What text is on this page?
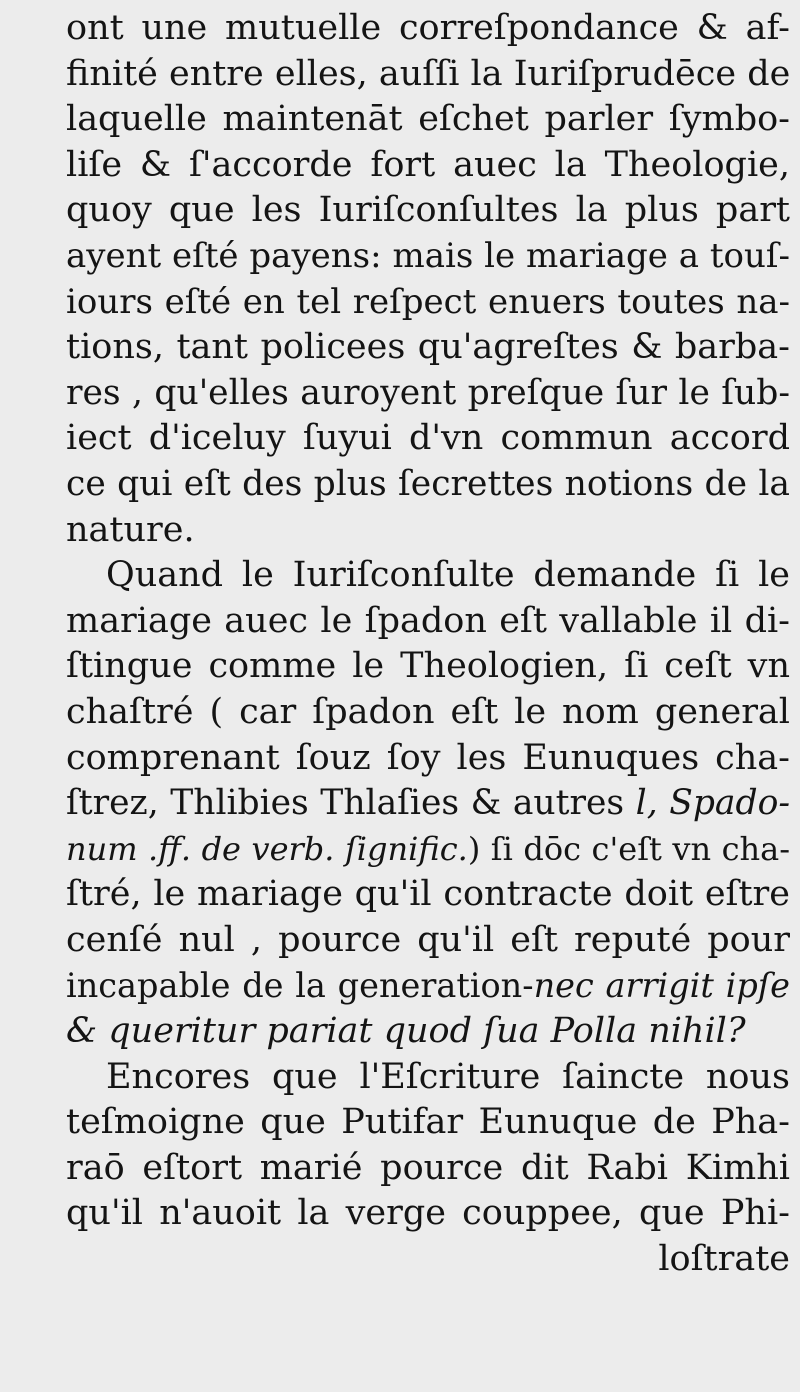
ont une mutuelle correſpondance & af-
finité entre elles, auſſi la Iuriſprudēce de
laquelle maintenāt eſchet parler ſymbo-
liſe & ſ'accorde fort auec la Theologie,
quoy que les Iuriſconſultes la plus part
ayent eſté payens: mais le mariage a touſ-
iours eſté en tel reſpect enuers toutes na-
tions, tant policees qu'agreſtes & barba-
res , qu'elles auroyent preſque ſur le ſub-
iect d'iceluy ſuyui d'vn commun accord
ce qui eſt des plus ſecrettes notions de la
nature.
Quand le Iuriſconſulte demande ſi le
mariage auec le ſpadon eſt vallable il di-
ſtingue comme le Theologien, ſi ceſt vn
chaſtré ( car ſpadon eſt le nom general
comprenant ſouz ſoy les Eunuques cha-
ſtrez, Thlibies Thlaſies & autres l, Spado-
num .ff. de verb. ſignific.) ſi dōc c'eſt vn cha-
ſtré, le mariage qu'il contracte doit eſtre
cenſé nul , pource qu'il eſt reputé pour
incapable de la generation-nec arrigit ipſe
& queritur pariat quod ſua Polla nihil?
Encores que l'Eſcriture ſaincte nous
teſmoigne que Putifar Eunuque de Pha-
raō eſtort marié pource dit Rabi Kimhi
qu'il n'auoit la verge couppee, que Phi-
loſtrate
